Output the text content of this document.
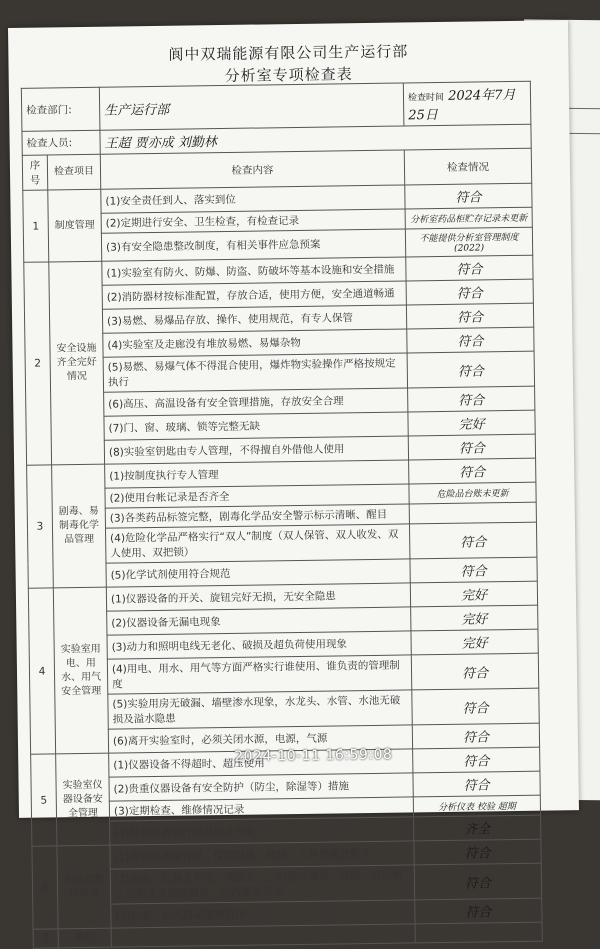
阆中双瑞能源有限公司生产运行部
分析室专项检查表
检查部门:		生产运行部	检查时间 2024年7月25日
检查人员:		王超 贾亦成 刘勤林	
序号	检查项目	检查内容	检查情况
1	制度管理	(1)安全责任到人、落实到位	符合
		(2)定期进行安全、卫生检查，有检查记录	分析室药品柜贮存记录未更新
		(3)有安全隐患整改制度，有相关事件应急预案	不能提供分析室管理制度(2022)
2	安全设施齐全完好情况	(1)实验室有防火、防爆、防盗、防破坏等基本设施和安全措施	符合
		(2)消防器材按标准配置，存放合适，使用方便，安全通道畅通	符合
		(3)易燃、易爆品存放、操作、使用规范，有专人保管	符合
		(4)实验室及走廊没有堆放易燃、易爆杂物	符合
		(5)易燃、易爆气体不得混合使用，爆炸物实验操作严格按规定执行	符合
		(6)高压、高温设备有安全管理措施，存放安全合理	符合
		(7)门、窗、玻璃、锁等完整无缺	完好
		(8)实验室钥匙由专人管理，不得擅自外借他人使用	符合
3	剧毒、易制毒化学品管理	(1)按制度执行专人管理	符合
		(2)使用台帐记录是否齐全	危险品台账未更新
		(3)各类药品标签完整，剧毒化学品安全警示标示清晰、醒目	
		(4)危险化学品严格实行“双人”制度（双人保管、双人收发、双人使用、双把锁）	符合
		(5)化学试剂使用符合规范	符合
4	实验室用电、用水、用气安全管理	(1)仪器设备的开关、旋钮完好无损，无安全隐患	完好
		(2)仪器设备无漏电现象	完好
		(3)动力和照明电线无老化、破损及超负荷使用现象	完好
		(4)用电、用水、用气等方面严格实行谁使用、谁负责的管理制度	符合
		(5)实验用房无破漏、墙壁渗水现象，水龙头、水管、水池无破损及溢水隐患	符合
		(6)离开实验室时，必须关闭水源，电源，气源	符合
5	实验室仪器设备安全管理	(1)仪器设备不得超时、超压使用	符合
		(2)贵重仪器设备有安全防护（防尘，除湿等）措施	符合
		(3)定期检查、维修情况记录	分析仪表 校验 超期
		(4)仪器设备运行情况记录齐全	齐全
6	实验室整洁状况	(1)实验室布局合理，仪器设备、材料、工具等摆放整齐	符合
		(2)桌面、仪器无灰尘，地面无……门窗及管道、线路、开关板上无积灰及蜘蛛网等，室内清洁卫生	符合
		(3)台面、柜内药品摆放有序	符合
7	其它		
2024-10-11 16:59:08
